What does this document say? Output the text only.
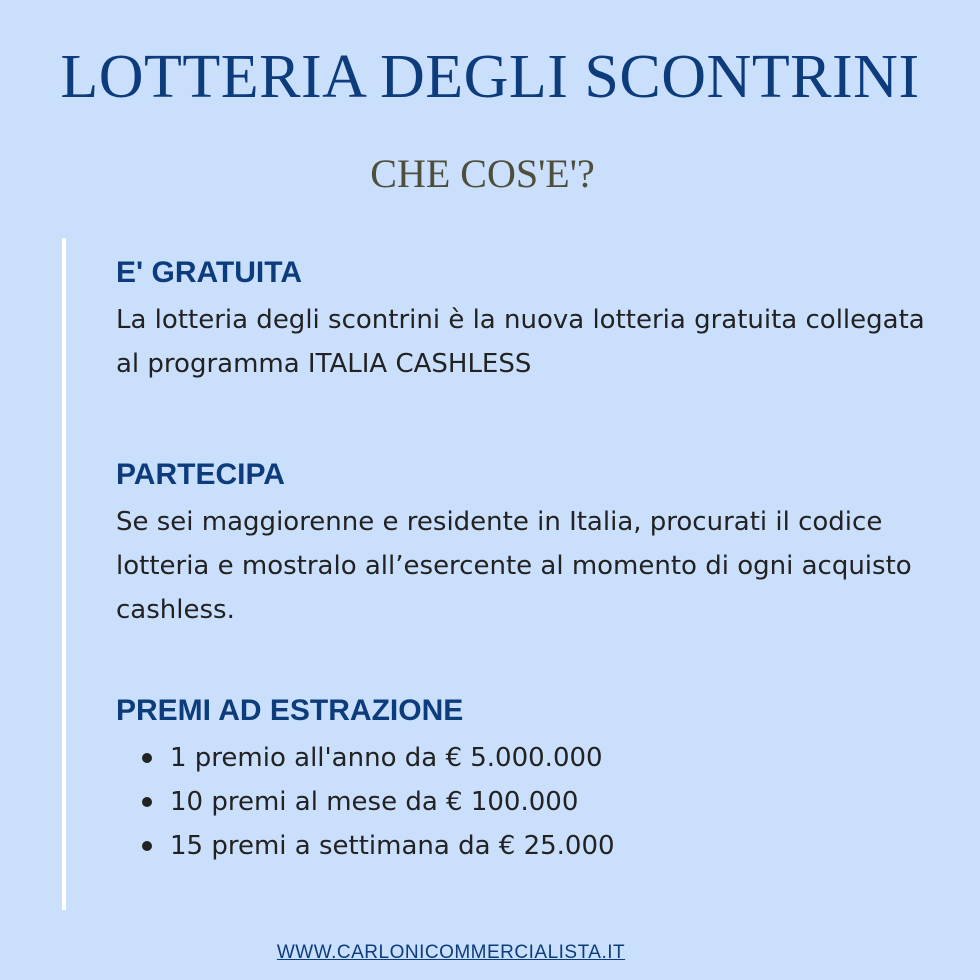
LOTTERIA DEGLI SCONTRINI
CHE COS'E'?
E' GRATUITA

La lotteria degli scontrini è la nuova lotteria gratuita collegata al programma ITALIA CASHLESS

PARTECIPA

Se sei maggiorenne e residente in Italia, procurati il codice lotteria e mostralo all’esercente al momento di ogni acquisto cashless.

PREMI AD ESTRAZIONE
1 premio all'anno da € 5.000.000
10 premi al mese da € 100.000
15 premi a settimana da € 25.000
WWW.CARLONICOMMERCIALISTA.IT
